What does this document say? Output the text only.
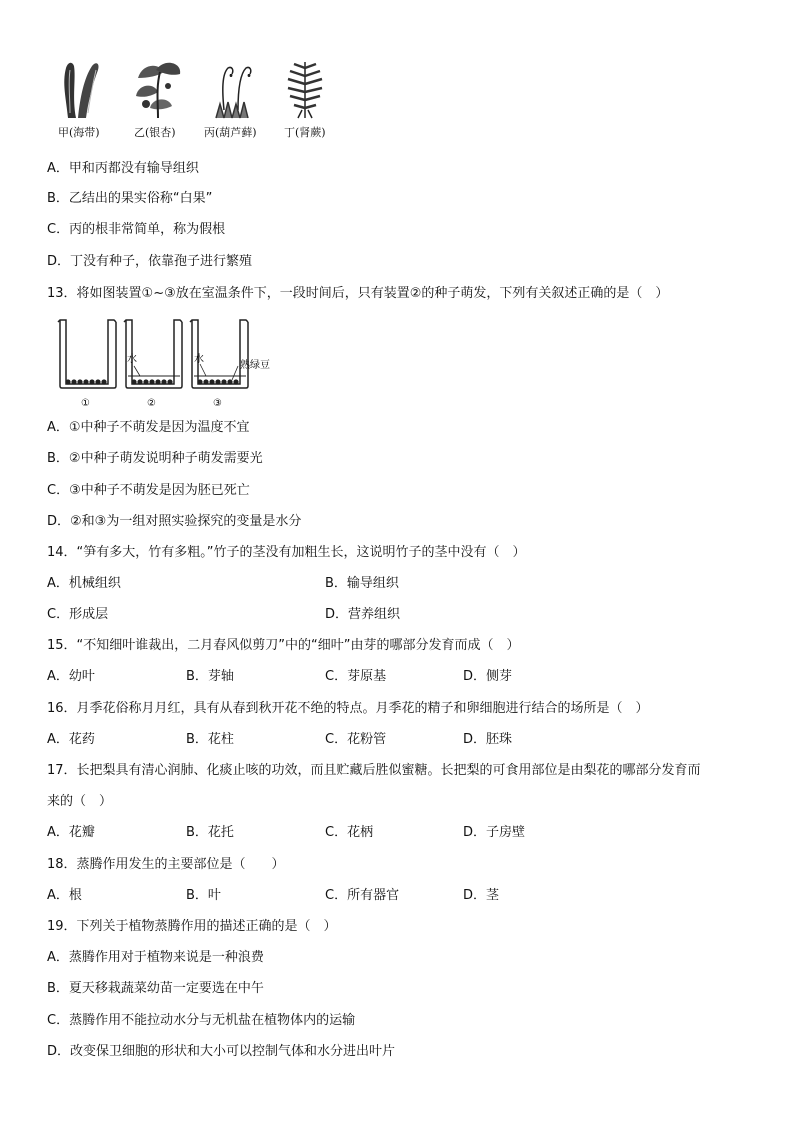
甲(海带)	乙(银杏)	丙(葫芦藓) 丁(肾蕨)
A．甲和丙都没有输导组织
B．乙结出的果实俗称“白果”
C．丙的根非常简单，称为假根
D．丁没有种子，依靠孢子进行繁殖
13．将如图装置①~③放在室温条件下，一段时间后，只有装置②的种子萌发，下列有关叙述正确的是（　）
水	水
熟绿豆
①	②	③
A．①中种子不萌发是因为温度不宜
B．②中种子萌发说明种子萌发需要光
C．③中种子不萌发是因为胚已死亡
D．②和③为一组对照实验探究的变量是水分
14．“笋有多大，竹有多粗。”竹子的茎没有加粗生长，这说明竹子的茎中没有（　）
A．机械组织	B．输导组织
C．形成层	D．营养组织
15．“不知细叶谁裁出，二月春风似剪刀”中的“细叶”由芽的哪部分发育而成（　）
A．幼叶	B．芽轴	C．芽原基	D．侧芽
16．月季花俗称月月红，具有从春到秋开花不绝的特点。月季花的精子和卵细胞进行结合的场所是（　）
A．花药	B．花柱	C．花粉管	D．胚珠
17．长把梨具有清心润肺、化痰止咳的功效，而且贮藏后胜似蜜糖。长把梨的可食用部位是由梨花的哪部分发育而
来的（　）
A．花瓣	B．花托	C．花柄	D．子房壁
18．蒸腾作用发生的主要部位是（　　）
A．根	B．叶	C．所有器官	D．茎
19．下列关于植物蒸腾作用的描述正确的是（　）
A．蒸腾作用对于植物来说是一种浪费
B．夏天移栽蔬菜幼苗一定要选在中午
C．蒸腾作用不能拉动水分与无机盐在植物体内的运输
D．改变保卫细胞的形状和大小可以控制气体和水分进出叶片
